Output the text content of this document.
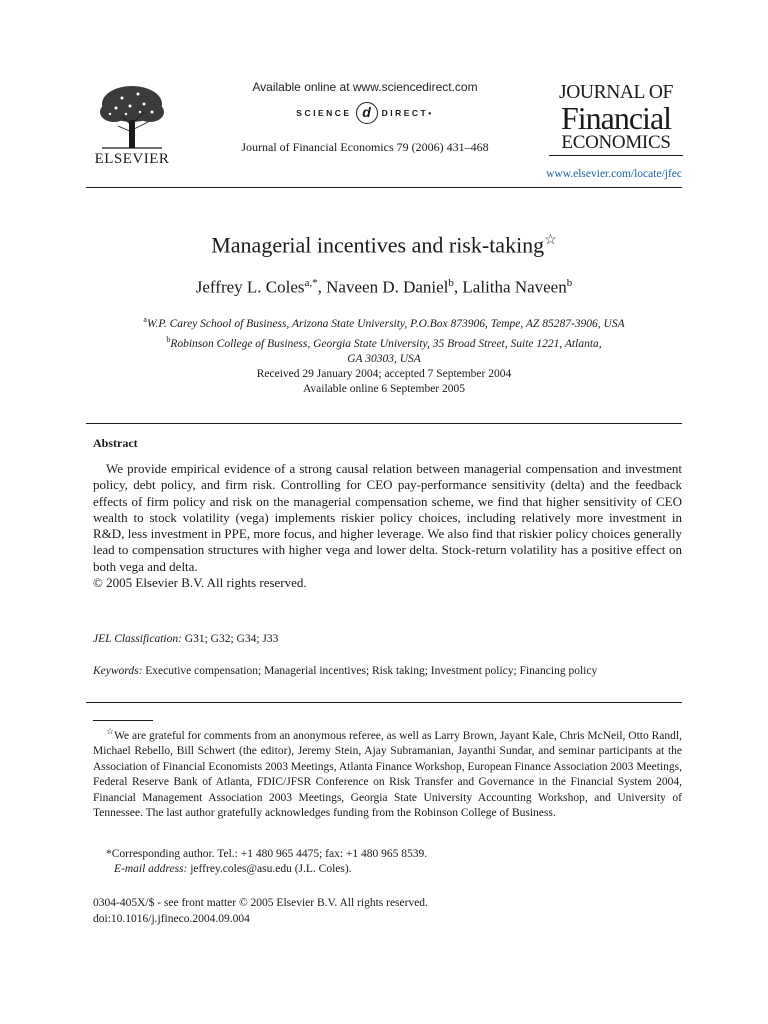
ELSEVIER
Available online at www.sciencedirect.com
SCIENCE d	DIRECT •
Journal of Financial Economics 79 (2006) 431–468
JOURNAL OF
Financial
ECONOMICS
www.elsevier.com/locate/jfec
Managerial incentives and risk-taking☆
Jeffrey L. Coles$^{a,*}$, Naveen D. Daniel$^b$, Lalitha Naveen$^b$
$^a$W.P. Carey School of Business, Arizona State University, P.O.Box 873906, Tempe, AZ 85287-3906, USA
$^b$Robinson College of Business, Georgia State University, 35 Broad Street, Suite 1221, Atlanta,
GA 30303, USA
Received 29 January 2004; accepted 7 September 2004
Available online 6 September 2005
Abstract

We provide empirical evidence of a strong causal relation between managerial compensation and investment policy, debt policy, and firm risk. Controlling for CEO pay-performance sensitivity (delta) and the feedback effects of firm policy and risk on the managerial compensation scheme, we find that higher sensitivity of CEO wealth to stock volatility (vega) implements riskier policy choices, including relatively more investment in R&D, less investment in PPE, more focus, and higher leverage. We also find that riskier policy choices generally lead to compensation structures with higher vega and lower delta. Stock-return volatility has a positive effect on both vega and delta.

© 2005 Elsevier B.V. All rights reserved.
JEL Classification: G31; G32; G34; J33
Keywords: Executive compensation; Managerial incentives; Risk taking; Investment policy; Financing policy

☆We are grateful for comments from an anonymous referee, as well as Larry Brown, Jayant Kale, Chris McNeil, Otto Randl, Michael Rebello, Bill Schwert (the editor), Jeremy Stein, Ajay Subramanian, Jayanthi Sundar, and seminar participants at the Association of Financial Economists 2003 Meetings, Atlanta Finance Workshop, European Finance Association 2003 Meetings, Federal Reserve Bank of Atlanta, FDIC/JFSR Conference on Risk Transfer and Governance in the Financial System 2004, Financial Management Association 2003 Meetings, Georgia State University Accounting Workshop, and University of Tennessee. The last author gratefully acknowledges funding from the Robinson College of Business.

*Corresponding author. Tel.: +1 480 965 4475; fax: +1 480 965 8539.
E-mail address: jeffrey.coles@asu.edu (J.L. Coles).
0304-405X/$ - see front matter © 2005 Elsevier B.V. All rights reserved.
doi:10.1016/j.jfineco.2004.09.004
